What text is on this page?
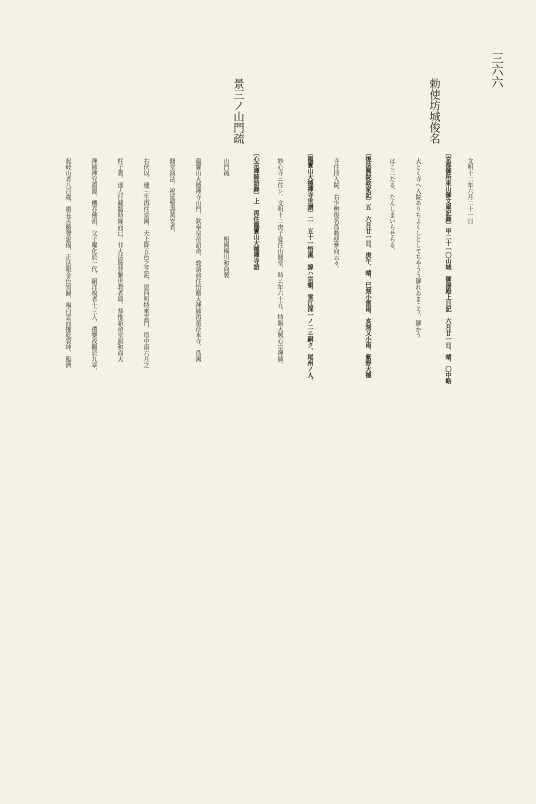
三六六
勅使坊城俊名
景三ノ山門疏
文明十二年六月二十一日
〔京都御所東山御文庫記錄〕甲二十一〇山城　御湯殿上日記　六月廿一日、晴、〇中略
大とく寺へ入院ありちよくしとしてちやうう御れゐまこう、御かう
はこ二たる、たんしまいらせらる、
〔後法興院政家記〕五　六月廿一日、庚午、晴、巳刻小雷雨、亥刻又小雨、紫野大德
寺住持入院、右少辨俊名爲勅使參向云々、
〔龍寶山大德禪寺世譜〕二　五十一悟溪　諱ハ宗頓、雪江深一ノ二ニ嗣ク、尾州ノ人、
妙心寺ニ住シ、文明十二庚子夏住山開堂、時ニ年六十五、特賜大興心宗禪師、
〔心宗禪師語錄〕上　再住龍寶山大德禪寺語
山門疏　　　　　　　　　　相國橫川和尙製
龍寶山大德禪寺山門、欽奉皇帝詔命、敦請前住悟谿大禪師再董莅本寺、爲國
開堂演法、祝延聖壽萬安者、
右伏以、璉三生再住京國、天上降五色之芝泥、恩四明特來雲門、塔中雨六月之
柱子蓋、達人行藏隨時緣而已、非大法隆替繫世教者耶、恭惟新命堂頭和尙大
禪師禪究淵源、機呑佛祖、父子曜化於一代、嗣洋嗅者十三人、禮樂改觀於九章、
起岐山者八百歲、廣長舌谿聲說偈、正法眼金色知歸、喝白雲而摧乾裂坤、臨濟
